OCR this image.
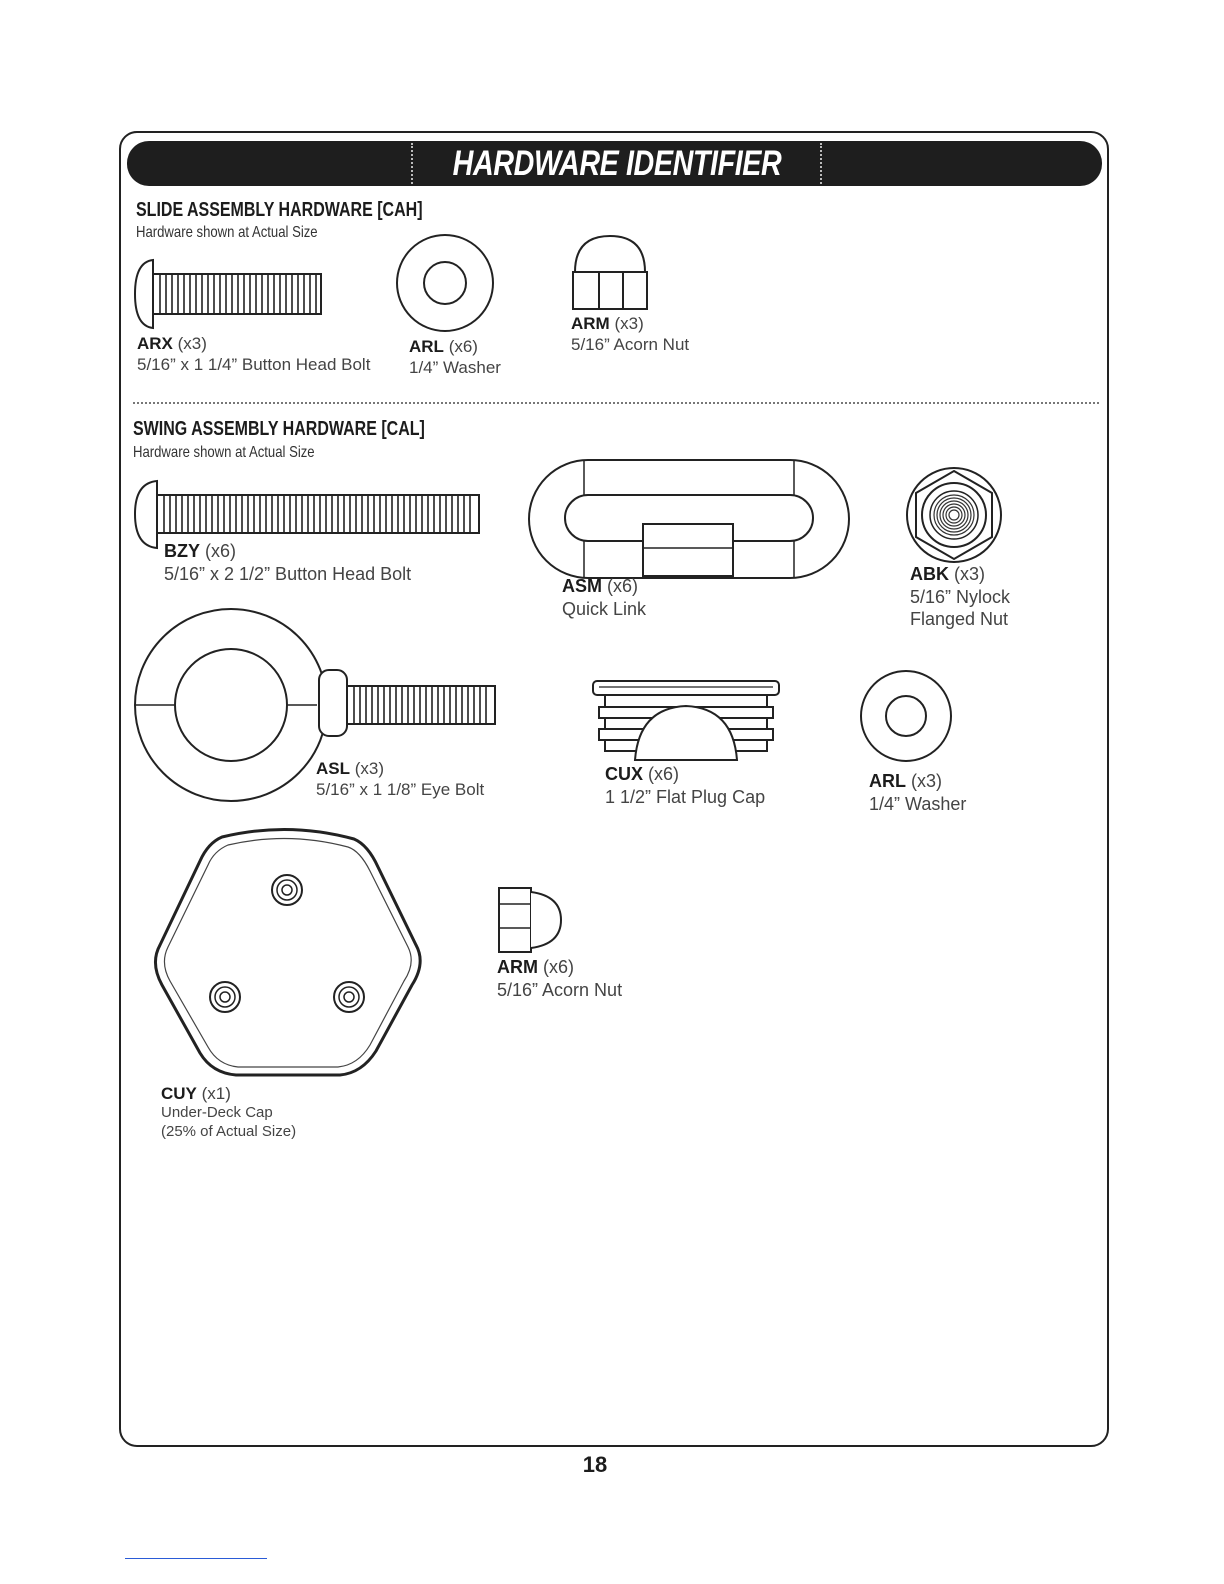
HARDWARE IDENTIFIER
SLIDE ASSEMBLY HARDWARE [CAH]
Hardware shown at Actual Size
ARX (x3)
5/16” x 1 1/4” Button Head Bolt
ARL (x6)
1/4” Washer
ARM (x3)
5/16” Acorn Nut
SWING ASSEMBLY HARDWARE [CAL]
Hardware shown at Actual Size
BZY (x6)
5/16” x 2 1/2” Button Head Bolt
ASM (x6)
Quick Link
ABK (x3)
5/16” Nylock
Flanged Nut
ASL (x3)
5/16” x 1 1/8” Eye Bolt
CUX (x6)
1 1/2” Flat Plug Cap
ARL (x3)
1/4” Washer
CUY (x1)
Under-Deck Cap
(25% of Actual Size)
ARM (x6)
5/16” Acorn Nut
18
